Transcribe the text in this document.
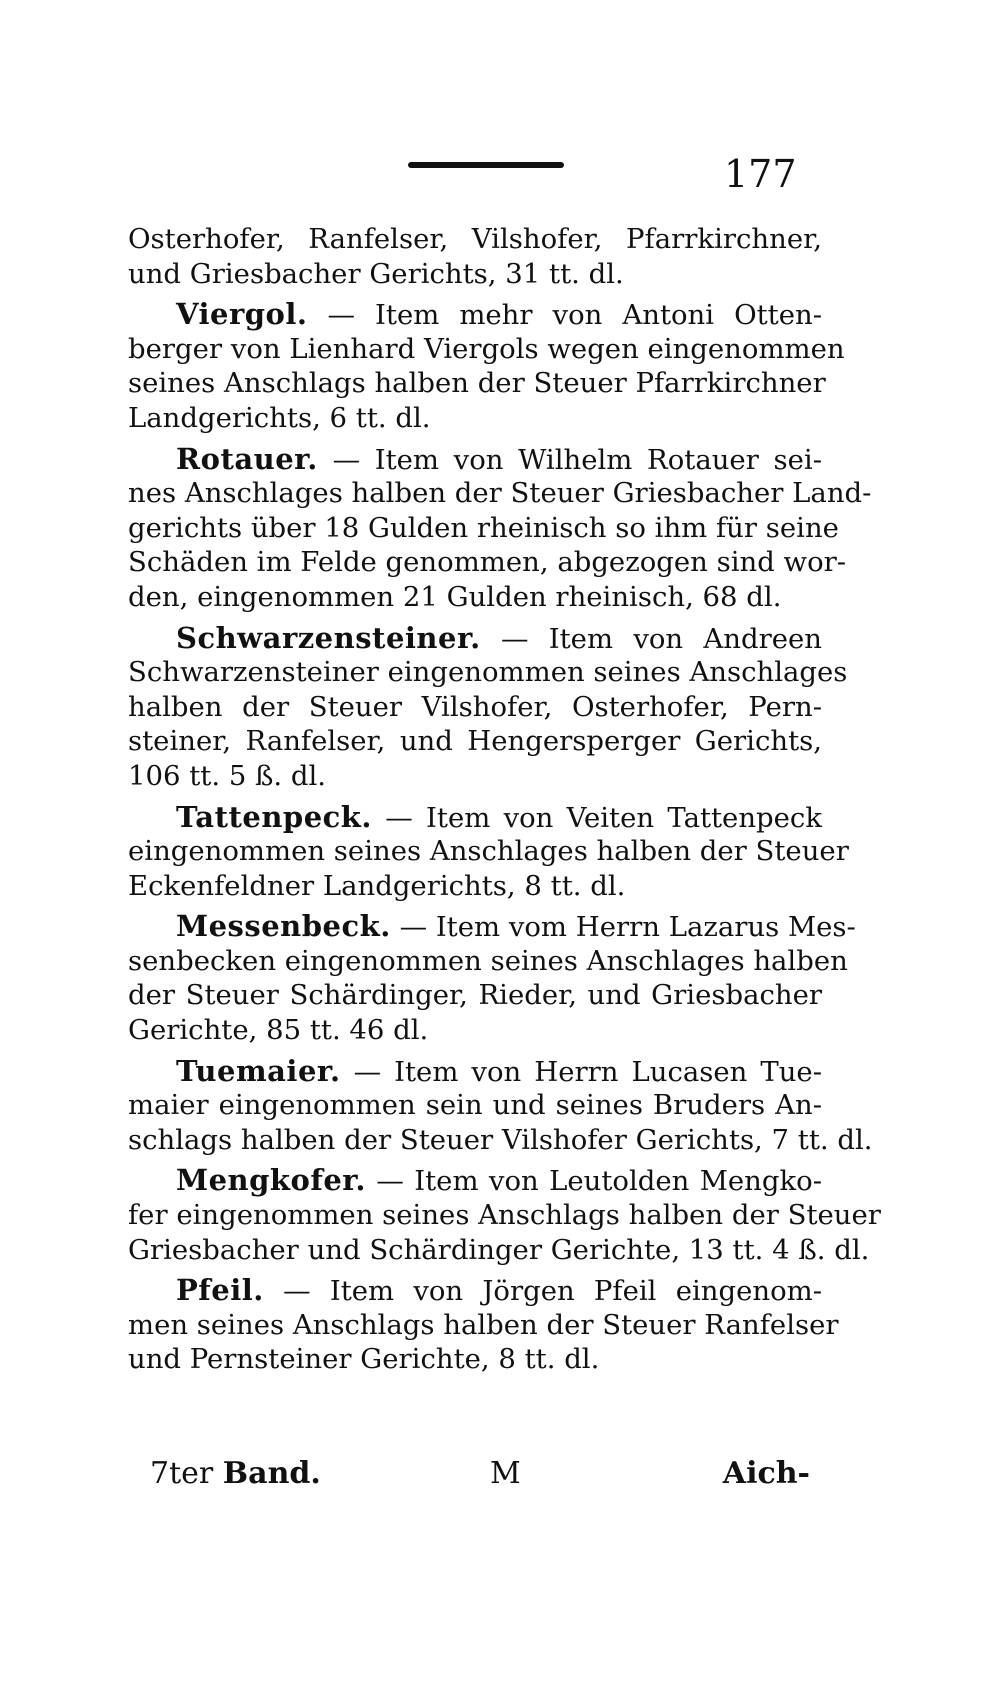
177
Osterhofer, Ranfelser, Vilshofer, Pfarrkirchner,
und Griesbacher Gerichts, 31 tt. dl.
Viergol. — Item mehr von Antoni Otten-
berger von Lienhard Viergols wegen eingenommen
seines Anschlags halben der Steuer Pfarrkirchner
Landgerichts, 6 tt. dl.
Rotauer. — Item von Wilhelm Rotauer sei-
nes Anschlages halben der Steuer Griesbacher Land-
gerichts über 18 Gulden rheinisch so ihm für seine
Schäden im Felde genommen, abgezogen sind wor-
den, eingenommen 21 Gulden rheinisch, 68 dl.
Schwarzensteiner. — Item von Andreen
Schwarzensteiner eingenommen seines Anschlages
halben der Steuer Vilshofer, Osterhofer, Pern-
steiner, Ranfelser, und Hengersperger Gerichts,
106 tt. 5 ß. dl.
Tattenpeck. — Item von Veiten Tattenpeck
eingenommen seines Anschlages halben der Steuer
Eckenfeldner Landgerichts, 8 tt. dl.
Messenbeck. — Item vom Herrn Lazarus Mes-
senbecken eingenommen seines Anschlages halben
der Steuer Schärdinger, Rieder, und Griesbacher
Gerichte, 85 tt. 46 dl.
Tuemaier. — Item von Herrn Lucasen Tue-
maier eingenommen sein und seines Bruders An-
schlags halben der Steuer Vilshofer Gerichts, 7 tt. dl.
Mengkofer. — Item von Leutolden Mengko-
fer eingenommen seines Anschlags halben der Steuer
Griesbacher und Schärdinger Gerichte, 13 tt. 4 ß. dl.
Pfeil. — Item von Jörgen Pfeil eingenom-
men seines Anschlags halben der Steuer Ranfelser
und Pernsteiner Gerichte, 8 tt. dl.
7ter Band.	M	Aich-
